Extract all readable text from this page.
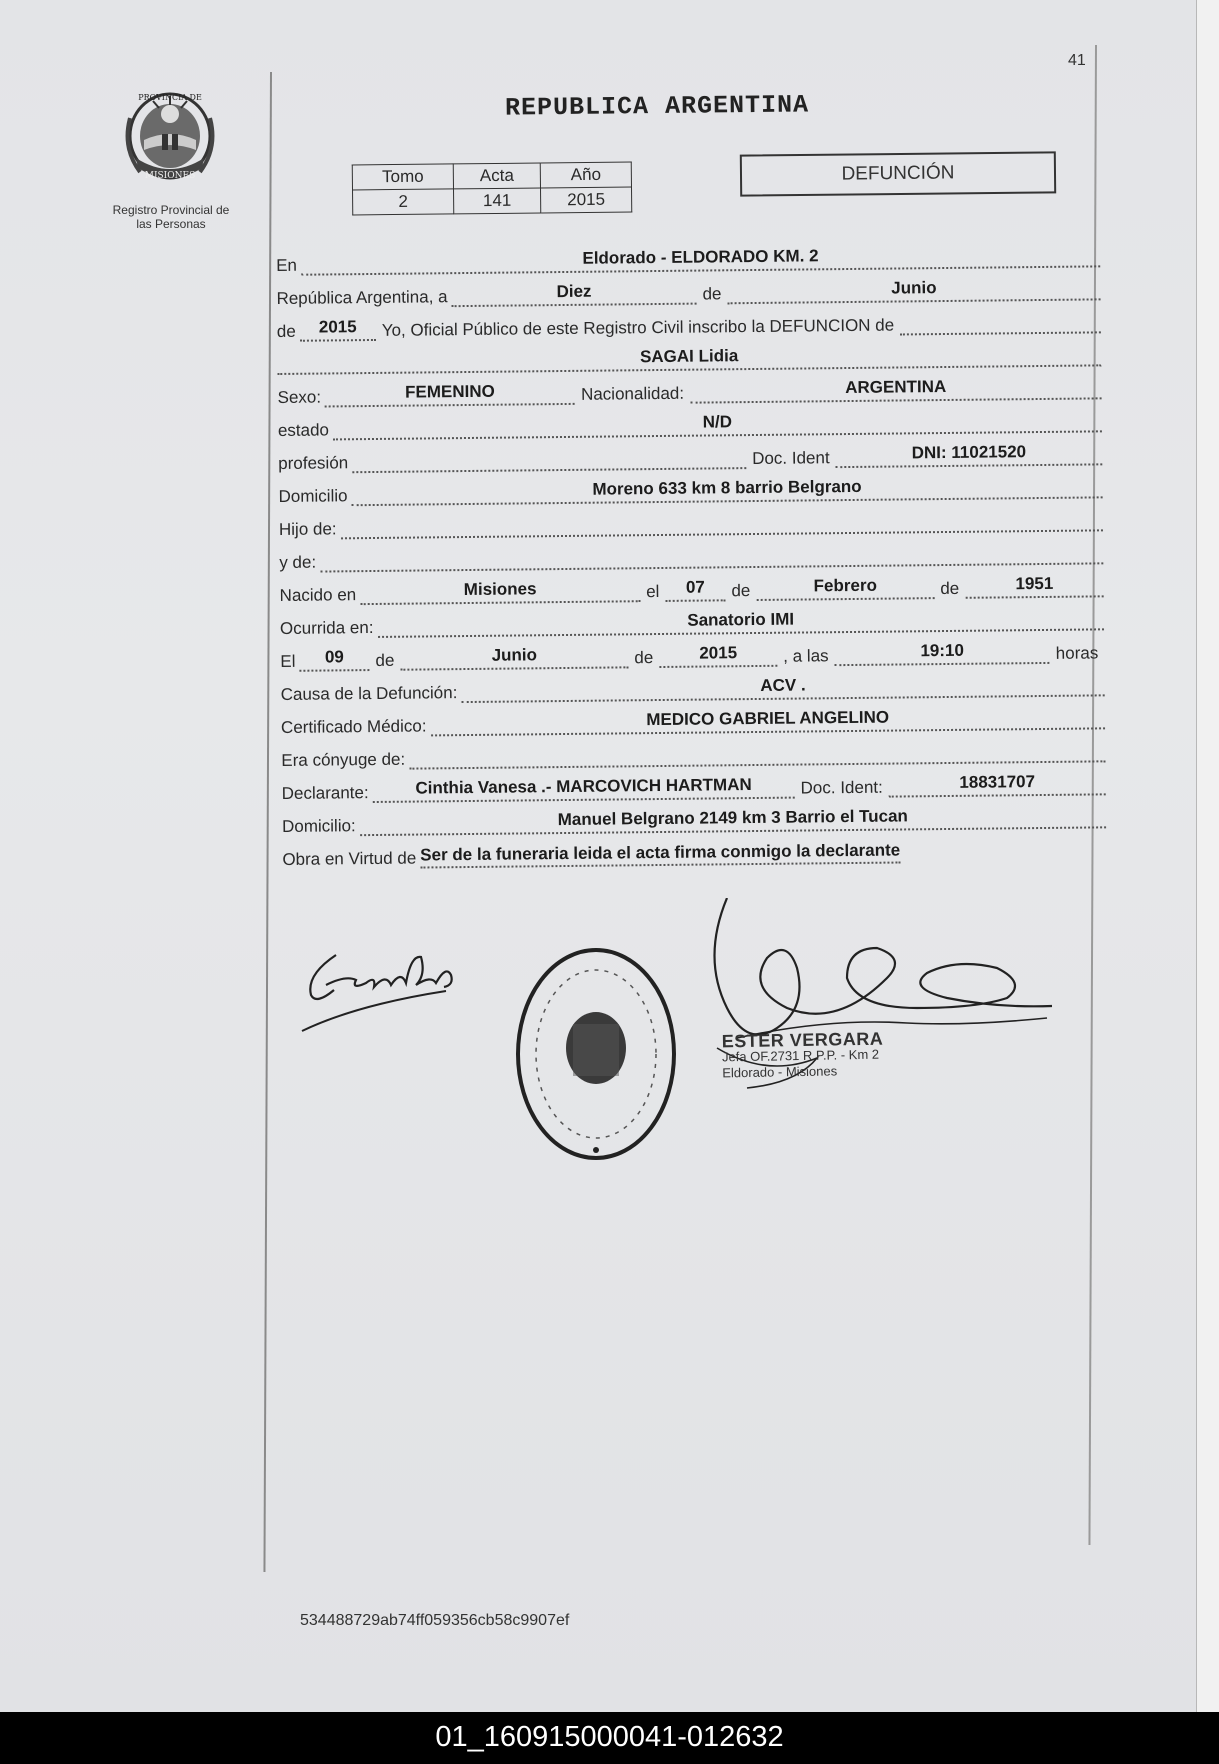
41
PROVINCIA DE
MISIONES
Registro Provincial de
las Personas
REPUBLICA ARGENTINA
Tomo	Acta	Año
2	141	2015
DEFUNCIÓN
En	Eldorado - ELDORADO KM. 2
República Argentina, a	Diez	de	Junio
de	2015	Yo, Oficial Público de este Registro Civil inscribo la DEFUNCION de
SAGAI Lidia
Sexo:	FEMENINO	Nacionalidad:	ARGENTINA
estado	N/D
profesión	Doc. Ident	DNI: 11021520
Domicilio	Moreno 633 km 8 barrio Belgrano
Hijo de:
y de:
Nacido en	Misiones	el	07	de	Febrero	de	1951
Ocurrida en:	Sanatorio IMI
El	09	de	Junio	de	2015	, a las	19:10	horas
Causa de la Defunción:	ACV .
Certificado Médico:	MEDICO GABRIEL ANGELINO
Era cónyuge de:
Declarante:	Cinthia Vanesa .- MARCOVICH HARTMAN	Doc. Ident:	18831707
Domicilio:	Manuel Belgrano 2149 km 3 Barrio el Tucan
Obra en Virtud de Ser de la funeraria leida el acta firma conmigo la declarante
ESTER VERGARA
Jefa OF.2731 R.P.P. - Km 2
Eldorado - Misiones
534488729ab74ff059356cb58c9907ef
01_160915000041-012632
